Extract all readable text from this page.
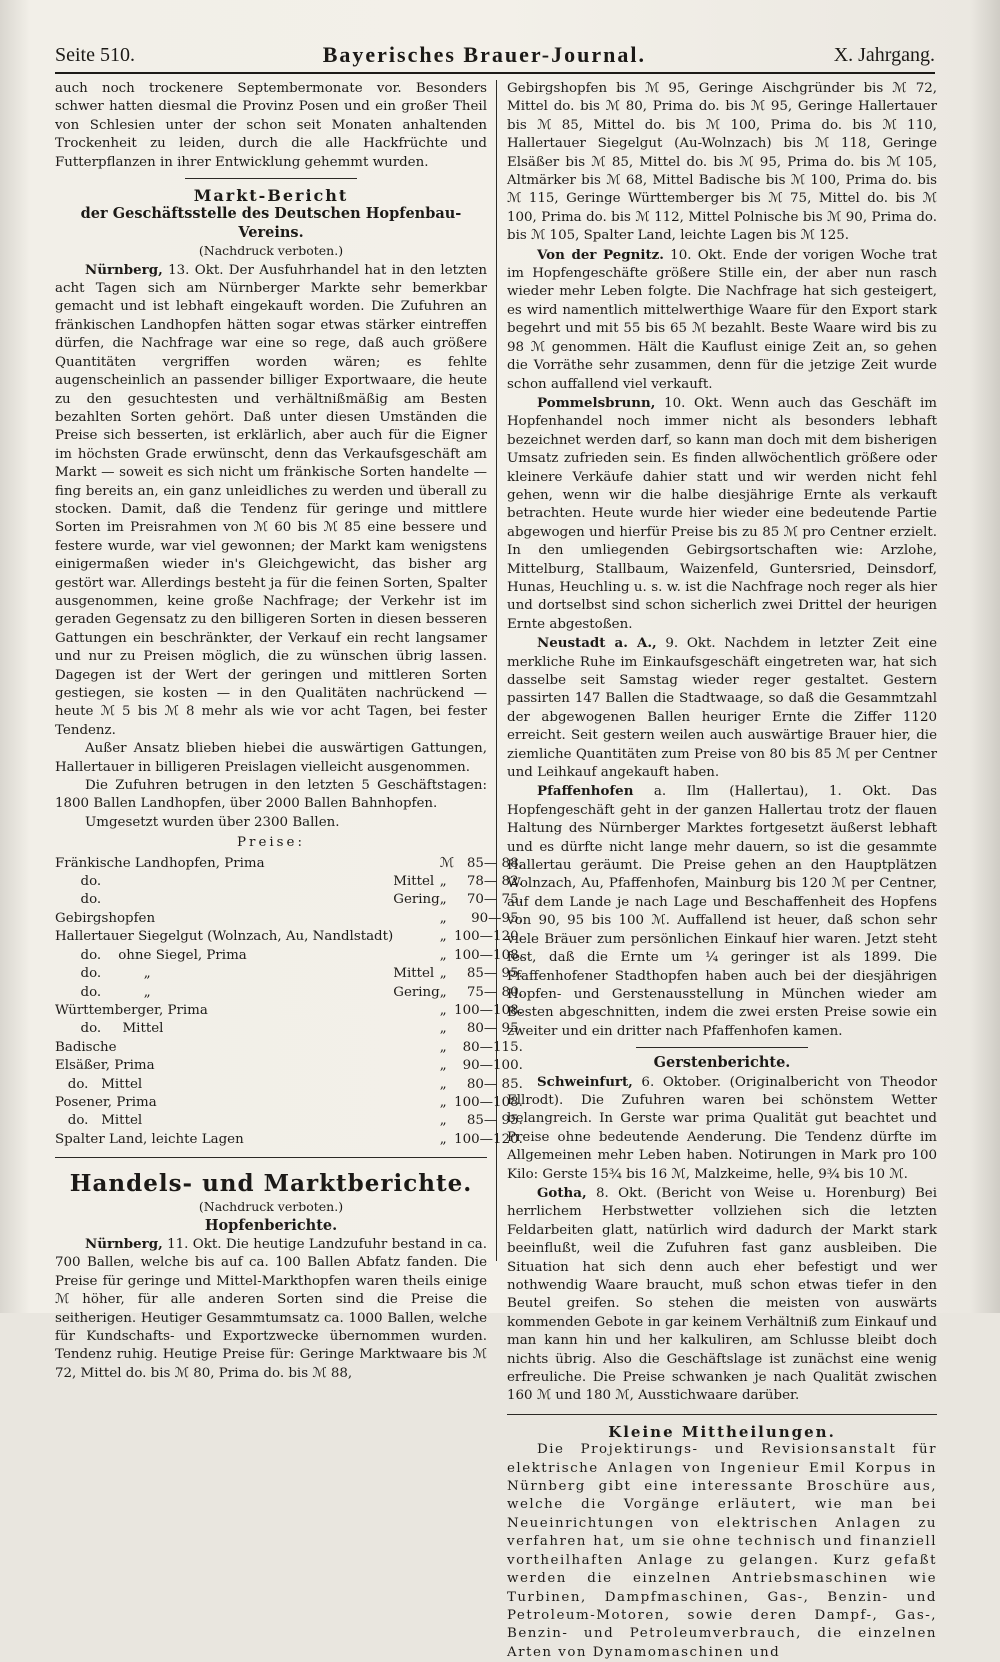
Seite 510.	Bayerisches Brauer-Journal.	X. Jahrgang.

auch noch trockenere Septembermonate vor. Besonders schwer hatten diesmal die Provinz Posen und ein großer Theil von Schlesien unter der schon seit Monaten anhaltenden Trockenheit zu leiden, durch die alle Hackfrüchte und Futterpflanzen in ihrer Entwicklung gehemmt wurden.

Markt-Bericht

der Geschäftsstelle des Deutschen Hopfenbau-Vereins.

(Nachdruck verboten.)

Nürnberg, 13. Okt. Der Ausfuhrhandel hat in den letzten acht Tagen sich am Nürnberger Markte sehr bemerkbar gemacht und ist lebhaft eingekauft worden. Die Zufuhren an fränkischen Landhopfen hätten sogar etwas stärker eintreffen dürfen, die Nachfrage war eine so rege, daß auch größere Quantitäten vergriffen worden wären; es fehlte augenscheinlich an passender billiger Exportwaare, die heute zu den gesuchtesten und verhältnißmäßig am Besten bezahlten Sorten gehört. Daß unter diesen Umständen die Preise sich besserten, ist erklärlich, aber auch für die Eigner im höchsten Grade erwünscht, denn das Verkaufsgeschäft am Markt — soweit es sich nicht um fränkische Sorten handelte — fing bereits an, ein ganz unleidliches zu werden und überall zu stocken. Damit, daß die Tendenz für geringe und mittlere Sorten im Preisrahmen von ℳ 60 bis ℳ 85 eine bessere und festere wurde, war viel gewonnen; der Markt kam wenigstens einigermaßen wieder in's Gleichgewicht, das bisher arg gestört war. Allerdings besteht ja für die feinen Sorten, Spalter ausgenommen, keine große Nachfrage; der Verkehr ist im geraden Gegensatz zu den billigeren Sorten in diesen besseren Gattungen ein beschränkter, der Verkauf ein recht langsamer und nur zu Preisen möglich, die zu wünschen übrig lassen. Dagegen ist der Wert der geringen und mittleren Sorten gestiegen, sie kosten — in den Qualitäten nachrückend — heute ℳ 5 bis ℳ 8 mehr als wie vor acht Tagen, bei fester Tendenz.

Außer Ansatz blieben hiebei die auswärtigen Gattungen, Hallertauer in billigeren Preislagen vielleicht ausgenommen.

Die Zufuhren betrugen in den letzten 5 Geschäftstagen: 1800 Ballen Landhopfen, über 2000 Ballen Bahnhopfen.

Umgesetzt wurden über 2300 Ballen.

Preise:

Fränkische Landhopfen, Prima		ℳ	85— 88.
do.	Mittel	„	78— 82.
do.	Gering	„	70— 75.
Gebirgshopfen		„	90—95.
Hallertauer Siegelgut (Wolnzach, Au, Nandlstadt)		„	100—120.
do.    ohne Siegel, Prima		„	100—108.
do.          „	Mittel	„	85— 95.
do.          „	Gering	„	75— 80.
Württemberger, Prima		„	100—108.
do.     Mittel		„	80— 95.
Badische		„	80—115.
Elsäßer, Prima		„	90—100.
do.   Mittel		„	80— 85.
Posener, Prima		„	100—108.
do.   Mittel		„	85— 95.
Spalter Land, leichte Lagen		„	100—120.

Handels- und Marktberichte.

(Nachdruck verboten.)

Hopfenberichte.

Nürnberg, 11. Okt. Die heutige Landzufuhr bestand in ca. 700 Ballen, welche bis auf ca. 100 Ballen Abfatz fanden. Die Preise für geringe und Mittel-Markthopfen waren theils einige ℳ höher, für alle anderen Sorten sind die Preise die seitherigen. Heutiger Gesammtumsatz ca. 1000 Ballen, welche für Kundschafts- und Exportzwecke übernommen wurden. Tendenz ruhig. Heutige Preise für: Geringe Marktwaare bis ℳ 72, Mittel do. bis ℳ 80, Prima do. bis ℳ 88,

Gebirgshopfen bis ℳ 95, Geringe Aischgründer bis ℳ 72, Mittel do. bis ℳ 80, Prima do. bis ℳ 95, Geringe Hallertauer bis ℳ 85, Mittel do. bis ℳ 100, Prima do. bis ℳ 110, Hallertauer Siegelgut (Au-Wolnzach) bis ℳ 118, Geringe Elsäßer bis ℳ 85, Mittel do. bis ℳ 95, Prima do. bis ℳ 105, Altmärker bis ℳ 68, Mittel Badische bis ℳ 100, Prima do. bis ℳ 115, Geringe Württemberger bis ℳ 75, Mittel do. bis ℳ 100, Prima do. bis ℳ 112, Mittel Polnische bis ℳ 90, Prima do. bis ℳ 105, Spalter Land, leichte Lagen bis ℳ 125.

Von der Pegnitz. 10. Okt. Ende der vorigen Woche trat im Hopfengeschäfte größere Stille ein, der aber nun rasch wieder mehr Leben folgte. Die Nachfrage hat sich gesteigert, es wird namentlich mittelwerthige Waare für den Export stark begehrt und mit 55 bis 65 ℳ bezahlt. Beste Waare wird bis zu 98 ℳ genommen. Hält die Kauflust einige Zeit an, so gehen die Vorräthe sehr zusammen, denn für die jetzige Zeit wurde schon auffallend viel verkauft.

Pommelsbrunn, 10. Okt. Wenn auch das Geschäft im Hopfenhandel noch immer nicht als besonders lebhaft bezeichnet werden darf, so kann man doch mit dem bisherigen Umsatz zufrieden sein. Es finden allwöchentlich größere oder kleinere Verkäufe dahier statt und wir werden nicht fehl gehen, wenn wir die halbe diesjährige Ernte als verkauft betrachten. Heute wurde hier wieder eine bedeutende Partie abgewogen und hierfür Preise bis zu 85 ℳ pro Centner erzielt. In den umliegenden Gebirgsortschaften wie: Arzlohe, Mittelburg, Stallbaum, Waizenfeld, Guntersried, Deinsdorf, Hunas, Heuchling u. s. w. ist die Nachfrage noch reger als hier und dortselbst sind schon sicherlich zwei Drittel der heurigen Ernte abgestoßen.

Neustadt a. A., 9. Okt. Nachdem in letzter Zeit eine merkliche Ruhe im Einkaufsgeschäft eingetreten war, hat sich dasselbe seit Samstag wieder reger gestaltet. Gestern passirten 147 Ballen die Stadtwaage, so daß die Gesammtzahl der abgewogenen Ballen heuriger Ernte die Ziffer 1120 erreicht. Seit gestern weilen auch auswärtige Brauer hier, die ziemliche Quantitäten zum Preise von 80 bis 85 ℳ per Centner und Leihkauf angekauft haben.

Pfaffenhofen a. Ilm (Hallertau), 1. Okt. Das Hopfengeschäft geht in der ganzen Hallertau trotz der flauen Haltung des Nürnberger Marktes fortgesetzt äußerst lebhaft und es dürfte nicht lange mehr dauern, so ist die gesammte Hallertau geräumt. Die Preise gehen an den Hauptplätzen Wolnzach, Au, Pfaffenhofen, Mainburg bis 120 ℳ per Centner, auf dem Lande je nach Lage und Beschaffenheit des Hopfens von 90, 95 bis 100 ℳ. Auffallend ist heuer, daß schon sehr viele Bräuer zum persönlichen Einkauf hier waren. Jetzt steht fest, daß die Ernte um ¼ geringer ist als 1899. Die Pfaffenhofener Stadthopfen haben auch bei der diesjährigen Hopfen- und Gerstenausstellung in München wieder am Besten abgeschnitten, indem die zwei ersten Preise sowie ein zweiter und ein dritter nach Pfaffenhofen kamen.

Gerstenberichte.

Schweinfurt, 6. Oktober. (Originalbericht von Theodor Ellrodt). Die Zufuhren waren bei schönstem Wetter belangreich. In Gerste war prima Qualität gut beachtet und Preise ohne bedeutende Aenderung. Die Tendenz dürfte im Allgemeinen mehr Leben haben. Notirungen in Mark pro 100 Kilo: Gerste 15¾ bis 16 ℳ, Malzkeime, helle, 9¾ bis 10 ℳ.

Gotha, 8. Okt. (Bericht von Weise u. Horenburg) Bei herrlichem Herbstwetter vollziehen sich die letzten Feldarbeiten glatt, natürlich wird dadurch der Markt stark beeinflußt, weil die Zufuhren fast ganz ausbleiben. Die Situation hat sich denn auch eher befestigt und wer nothwendig Waare braucht, muß schon etwas tiefer in den Beutel greifen. So stehen die meisten von auswärts kommenden Gebote in gar keinem Verhältniß zum Einkauf und man kann hin und her kalkuliren, am Schlusse bleibt doch nichts übrig. Also die Geschäftslage ist zunächst eine wenig erfreuliche. Die Preise schwanken je nach Qualität zwischen 160 ℳ und 180 ℳ, Ausstichwaare darüber.

Kleine Mittheilungen.

Die Projektirungs- und Revisionsanstalt für elektrische Anlagen von Ingenieur Emil Korpus in Nürnberg gibt eine interessante Broschüre aus, welche die Vorgänge erläutert, wie man bei Neueinrichtungen von elektrischen Anlagen zu verfahren hat, um sie ohne technisch und finanziell vortheilhaften Anlage zu gelangen. Kurz gefaßt werden die einzelnen Antriebsmaschinen wie Turbinen, Dampfmaschinen, Gas-, Benzin- und Petroleum-Motoren, sowie deren Dampf-, Gas-, Benzin- und Petroleumverbrauch, die einzelnen Arten von Dynamomaschinen und
